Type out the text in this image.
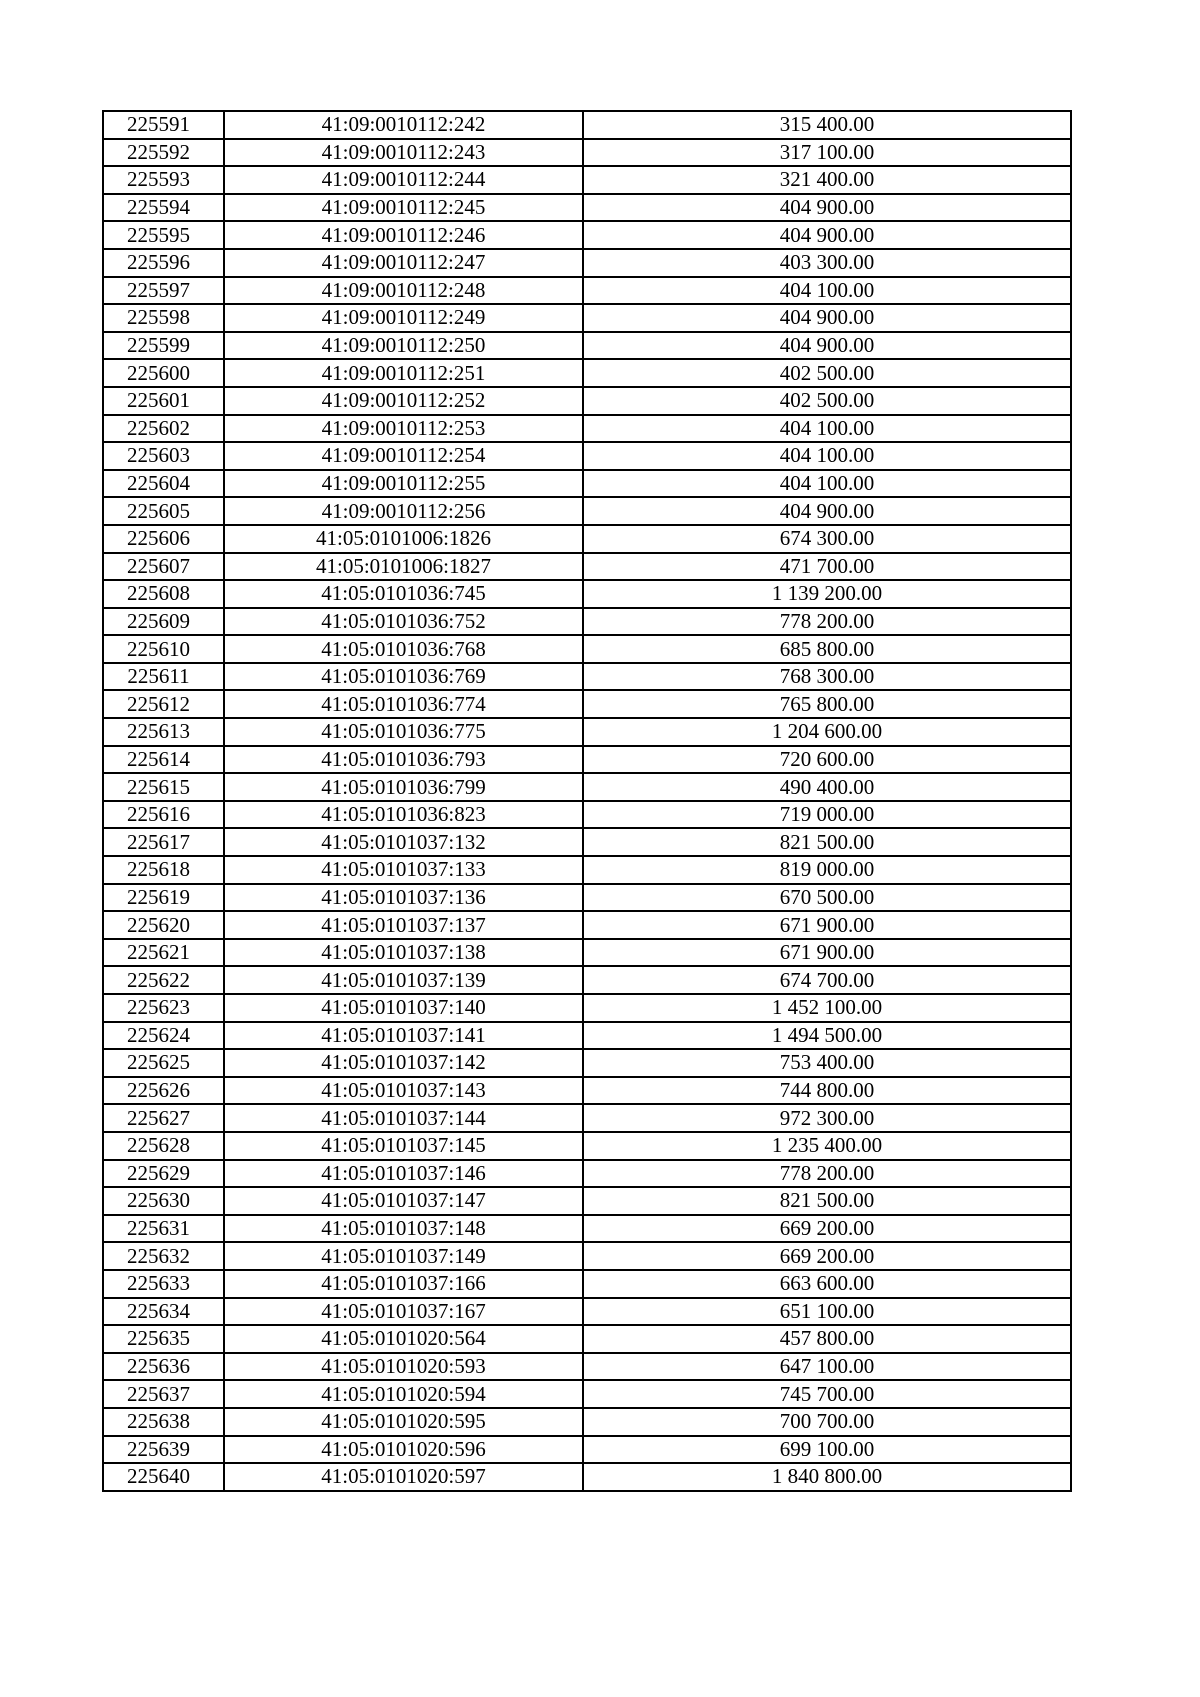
225591	41:09:0010112:242	315 400.00
225592	41:09:0010112:243	317 100.00
225593	41:09:0010112:244	321 400.00
225594	41:09:0010112:245	404 900.00
225595	41:09:0010112:246	404 900.00
225596	41:09:0010112:247	403 300.00
225597	41:09:0010112:248	404 100.00
225598	41:09:0010112:249	404 900.00
225599	41:09:0010112:250	404 900.00
225600	41:09:0010112:251	402 500.00
225601	41:09:0010112:252	402 500.00
225602	41:09:0010112:253	404 100.00
225603	41:09:0010112:254	404 100.00
225604	41:09:0010112:255	404 100.00
225605	41:09:0010112:256	404 900.00
225606	41:05:0101006:1826	674 300.00
225607	41:05:0101006:1827	471 700.00
225608	41:05:0101036:745	1 139 200.00
225609	41:05:0101036:752	778 200.00
225610	41:05:0101036:768	685 800.00
225611	41:05:0101036:769	768 300.00
225612	41:05:0101036:774	765 800.00
225613	41:05:0101036:775	1 204 600.00
225614	41:05:0101036:793	720 600.00
225615	41:05:0101036:799	490 400.00
225616	41:05:0101036:823	719 000.00
225617	41:05:0101037:132	821 500.00
225618	41:05:0101037:133	819 000.00
225619	41:05:0101037:136	670 500.00
225620	41:05:0101037:137	671 900.00
225621	41:05:0101037:138	671 900.00
225622	41:05:0101037:139	674 700.00
225623	41:05:0101037:140	1 452 100.00
225624	41:05:0101037:141	1 494 500.00
225625	41:05:0101037:142	753 400.00
225626	41:05:0101037:143	744 800.00
225627	41:05:0101037:144	972 300.00
225628	41:05:0101037:145	1 235 400.00
225629	41:05:0101037:146	778 200.00
225630	41:05:0101037:147	821 500.00
225631	41:05:0101037:148	669 200.00
225632	41:05:0101037:149	669 200.00
225633	41:05:0101037:166	663 600.00
225634	41:05:0101037:167	651 100.00
225635	41:05:0101020:564	457 800.00
225636	41:05:0101020:593	647 100.00
225637	41:05:0101020:594	745 700.00
225638	41:05:0101020:595	700 700.00
225639	41:05:0101020:596	699 100.00
225640	41:05:0101020:597	1 840 800.00
